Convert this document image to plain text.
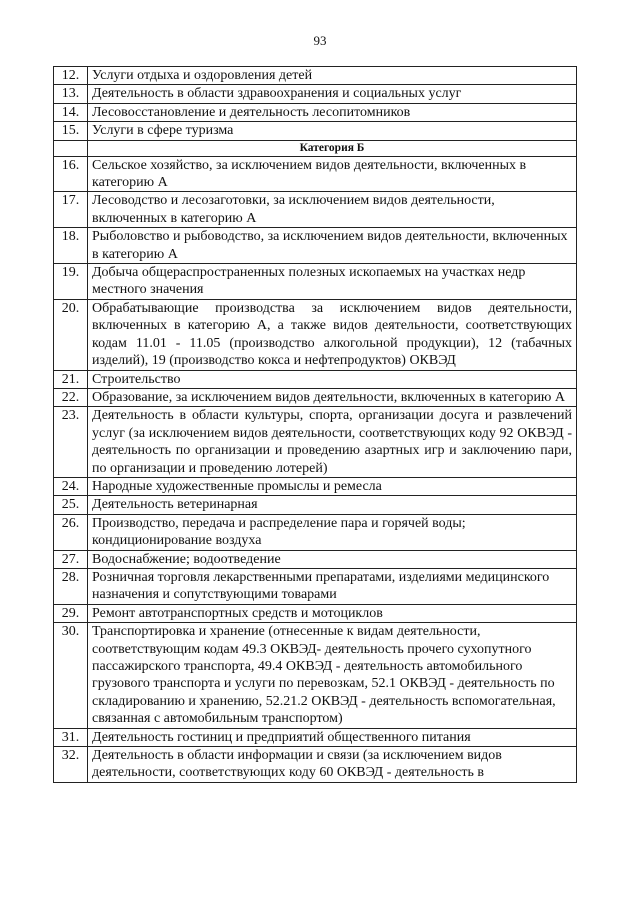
93
12.	Услуги отдыха и оздоровления детей
13.	Деятельность в области здравоохранения и социальных услуг
14.	Лесовосстановление и деятельность лесопитомников
15.	Услуги в сфере туризма
	Категория Б
16.	Сельское хозяйство, за исключением видов деятельности, включенных в категорию А
17.	Лесоводство и лесозаготовки, за исключением видов деятельности, включенных в категорию А
18.	Рыболовство и рыбоводство, за исключением видов деятельности, включенных в категорию А
19.	Добыча общераспространенных полезных ископаемых на участках недр местного значения
20.	Обрабатывающие производства за исключением видов деятельности, включенных в категорию А, а также видов деятельности, соответствующих кодам 11.01 - 11.05 (производство алкогольной продукции), 12 (табачных изделий), 19 (производство кокса и нефтепродуктов) ОКВЭД
21.	Строительство
22.	Образование, за исключением видов деятельности, включенных в категорию А
23.	Деятельность в области культуры, спорта, организации досуга и развлечений услуг (за исключением видов деятельности, соответствующих коду 92 ОКВЭД - деятельность по организации и проведению азартных игр и заключению пари, по организации и проведению лотерей)
24.	Народные художественные промыслы и ремесла
25.	Деятельность ветеринарная
26.	Производство, передача и распределение пара и горячей воды; кондиционирование воздуха
27.	Водоснабжение; водоотведение
28.	Розничная торговля лекарственными препаратами, изделиями медицинского назначения и сопутствующими товарами
29.	Ремонт автотранспортных средств и мотоциклов
30.	Транспортировка и хранение (отнесенные к видам деятельности, соответствующим кодам 49.3 ОКВЭД- деятельность прочего сухопутного пассажирского транспорта, 49.4 ОКВЭД - деятельность автомобильного грузового транспорта и услуги по перевозкам, 52.1 ОКВЭД - деятельность по складированию и хранению, 52.21.2 ОКВЭД - деятельность вспомогательная, связанная с автомобильным транспортом)
31.	Деятельность гостиниц и предприятий общественного питания
32.	Деятельность в области информации и связи (за исключением видов деятельности, соответствующих коду 60 ОКВЭД - деятельность в
